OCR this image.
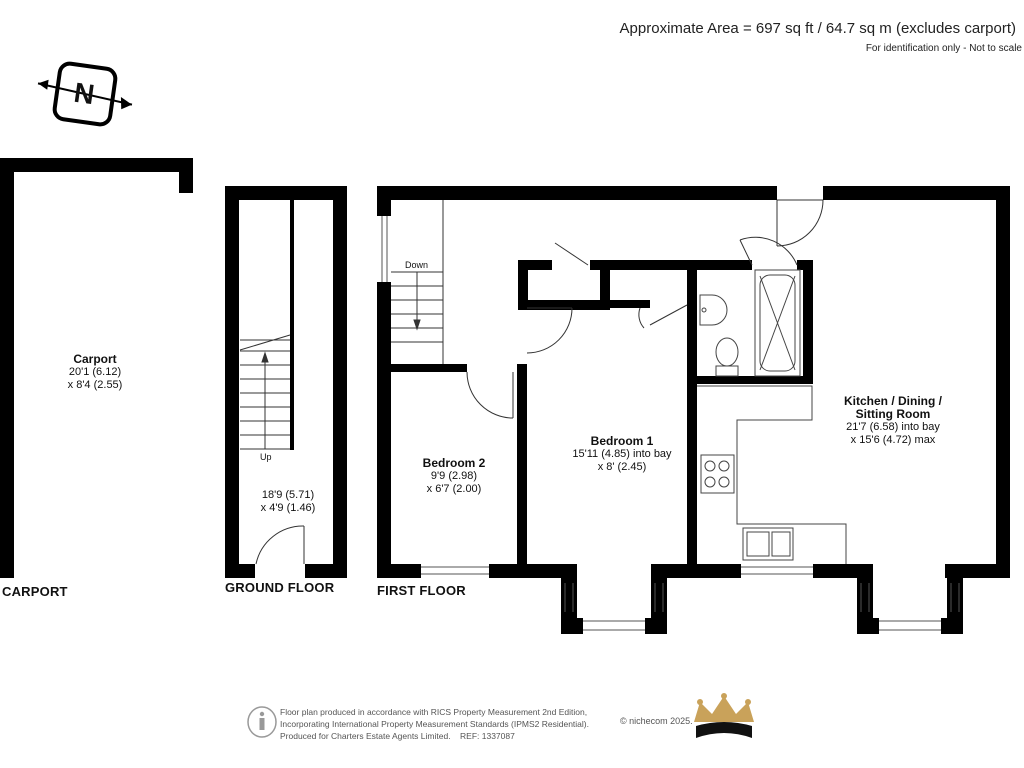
Approximate Area = 697 sq ft / 64.7 sq m (excludes carport)
For identification only - Not to scale
N
CARPORT	GROUND FLOOR	FIRST FLOOR
Carport
20'1 (6.12)
x 8'4 (2.55)
Up
18'9 (5.71)
x 4'9 (1.46)
Down
Bedroom 2
9'9 (2.98)
x 6'7 (2.00)
Bedroom 1
15'11 (4.85) into bay
x 8' (2.45)
Kitchen / Dining /
Sitting Room
21'7 (6.58) into bay
x 15'6 (4.72) max
Floor plan produced in accordance with RICS Property Measurement 2nd Edition,
Incorporating International Property Measurement Standards (IPMS2 Residential).
Produced for Charters Estate Agents Limited. REF: 1337087
© nichecom 2025.
